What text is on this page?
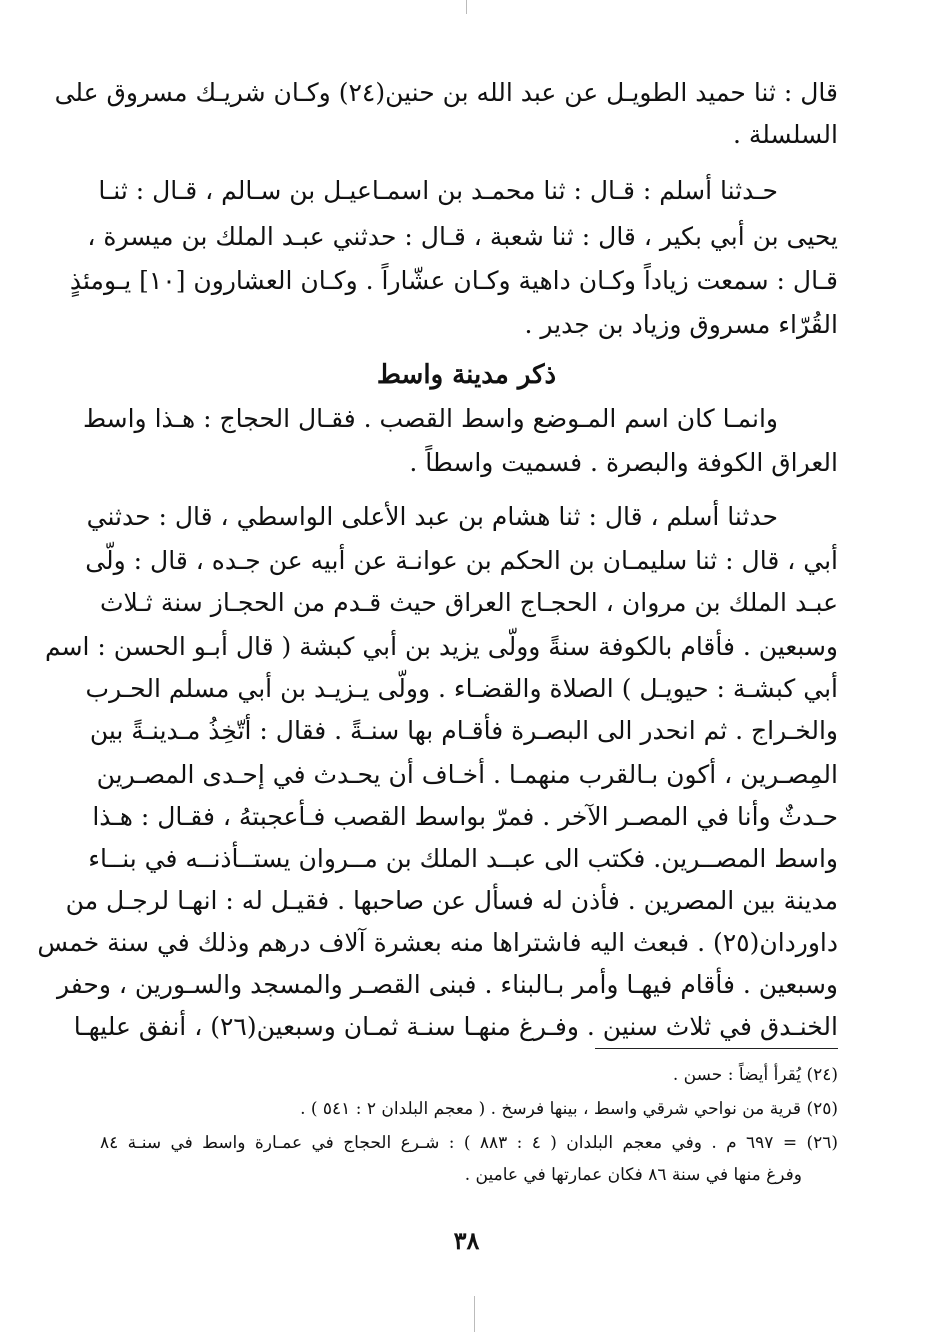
قال : ثنا حميد الطويـل عن عبد الله بن حنين(٢٤) وكـان شريـك مسروق على
السلسلة .
حـدثنا أسلم : قـال : ثنا محمـد بن اسمـاعيـل بن سـالم ، قـال : ثنـا
يحيى بن أبي بكير ، قال : ثنا شعبة ، قـال : حدثني عبـد الملك بن ميسرة ،
قـال : سمعت زياداً وكـان داهية وكـان عشّاراً . وكـان العشارون [١٠] يـومئذٍ
القُرّاء مسروق وزياد بن جدير .
ذكر مدينة واسط
وانمـا كان اسم المـوضع واسط القصب . فقـال الحجاج : هـذا واسط
العراق الكوفة والبصرة . فسميت واسطاً .
حدثنا أسلم ، قال : ثنا هشام بن عبد الأعلى الواسطي ، قال : حدثني
أبي ، قال : ثنا سليمـان بن الحكم بن عوانـة عن أبيه عن جـده ، قال : ولّى
عبـد الملك بن مروان ، الحجـاج العراق حيث قـدم من الحجـاز سنة ثـلاث
وسبعين . فأقام بالكوفة سنةً وولّى يزيد بن أبي كبشة ( قال أبـو الحسن : اسم
أبي كبشـة : حيويـل ) الصلاة والقضـاء . وولّى يـزيـد بن أبي مسلم الحـرب
والخـراج . ثم انحدر الى البصـرة فأقـام بها سنـةً . فقال : أتّخِذُ مـدينـةً بين
المِصـرين ، أكون بـالقرب منهمـا . أخـاف أن يحـدث في إحـدى المصـرين
حـدثٌ وأنا في المصـر الآخر . فمرّ بواسط القصب فـأعجبتهُ ، فقـال : هـذا
واسط المصــرين. فكتب الى عبــد الملك بن مــروان يستــأذنــه في بنــاء
مدينة بين المصرين . فأذن له فسأل عن صاحبها . فقيـل له : انهـا لرجـل من
داوردان(٢٥) . فبعث اليه فاشتراها منه بعشرة آلاف درهم وذلك في سنة خمس
وسبعين . فأقام فيهـا وأمر بـالبناء . فبنى القصـر والمسجد والسـورين ، وحفر
الخنـدق في ثلاث سنين . وفـرغ منهـا سنـة ثمـان وسبعين(٢٦) ، أنفق عليهـا
(٢٤) يُقرأ أيضاً : حسن .
(٢٥) قرية من نواحي شرقي واسط ، بينها فرسخ . ( معجم البلدان ٢ : ٥٤١ ) .
(٢٦) = ٦٩٧ م . وفي معجم البلدان ( ٤ : ٨٨٣ ) : شـرع الحجاج في عمـارة واسط في سنـة ٨٤
وفرغ منها في سنة ٨٦ فكان عمارتها في عامين .
٣٨
